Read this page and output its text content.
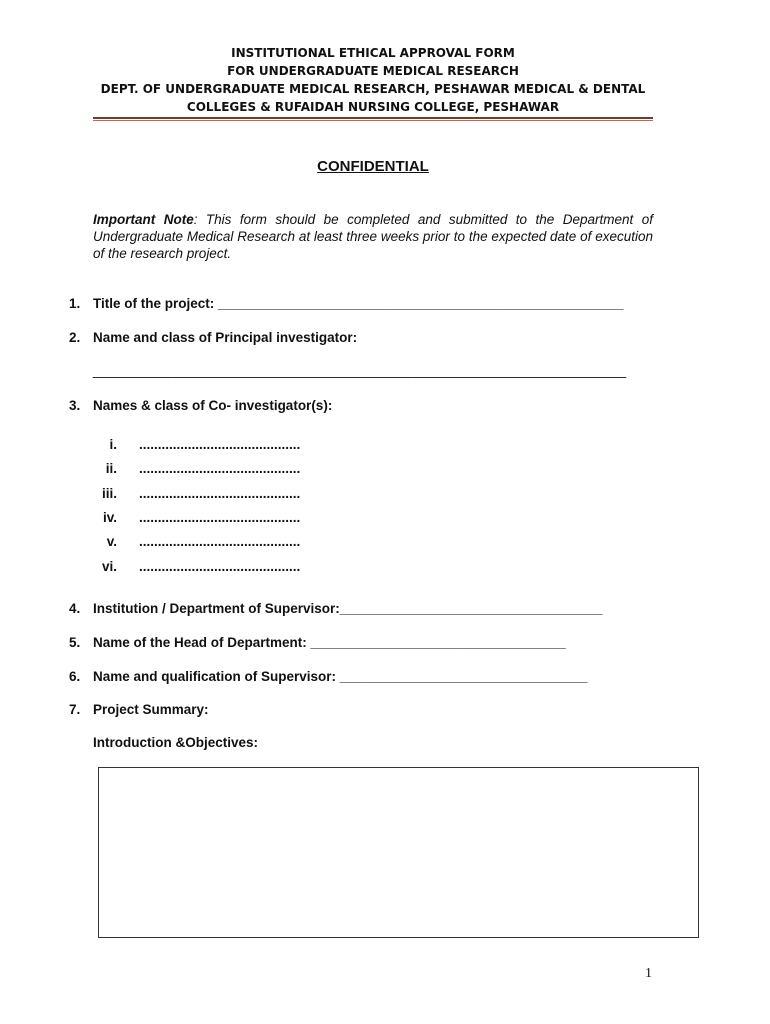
INSTITUTIONAL ETHICAL APPROVAL FORM
FOR UNDERGRADUATE MEDICAL RESEARCH
DEPT. OF UNDERGRADUATE MEDICAL RESEARCH, PESHAWAR MEDICAL & DENTAL
COLLEGES & RUFAIDAH NURSING COLLEGE, PESHAWAR
CONFIDENTIAL
Important Note: This form should be completed and submitted to the Department of Undergraduate Medical Research at least three weeks prior to the expected date of execution of the research project.
1. Title of the project: ______________________________________________________
2. Name and class of Principal investigator:
_______________________________________________________________________
3. Names & class of Co- investigator(s):
i. ...........................................
ii. ...........................................
iii. ...........................................
iv. ...........................................
v. ...........................................
vi. ...........................................
4. Institution / Department of Supervisor:___________________________________
5. Name of the Head of Department: __________________________________
6. Name and qualification of Supervisor: _________________________________
7. Project Summary:
Introduction &Objectives:
1
